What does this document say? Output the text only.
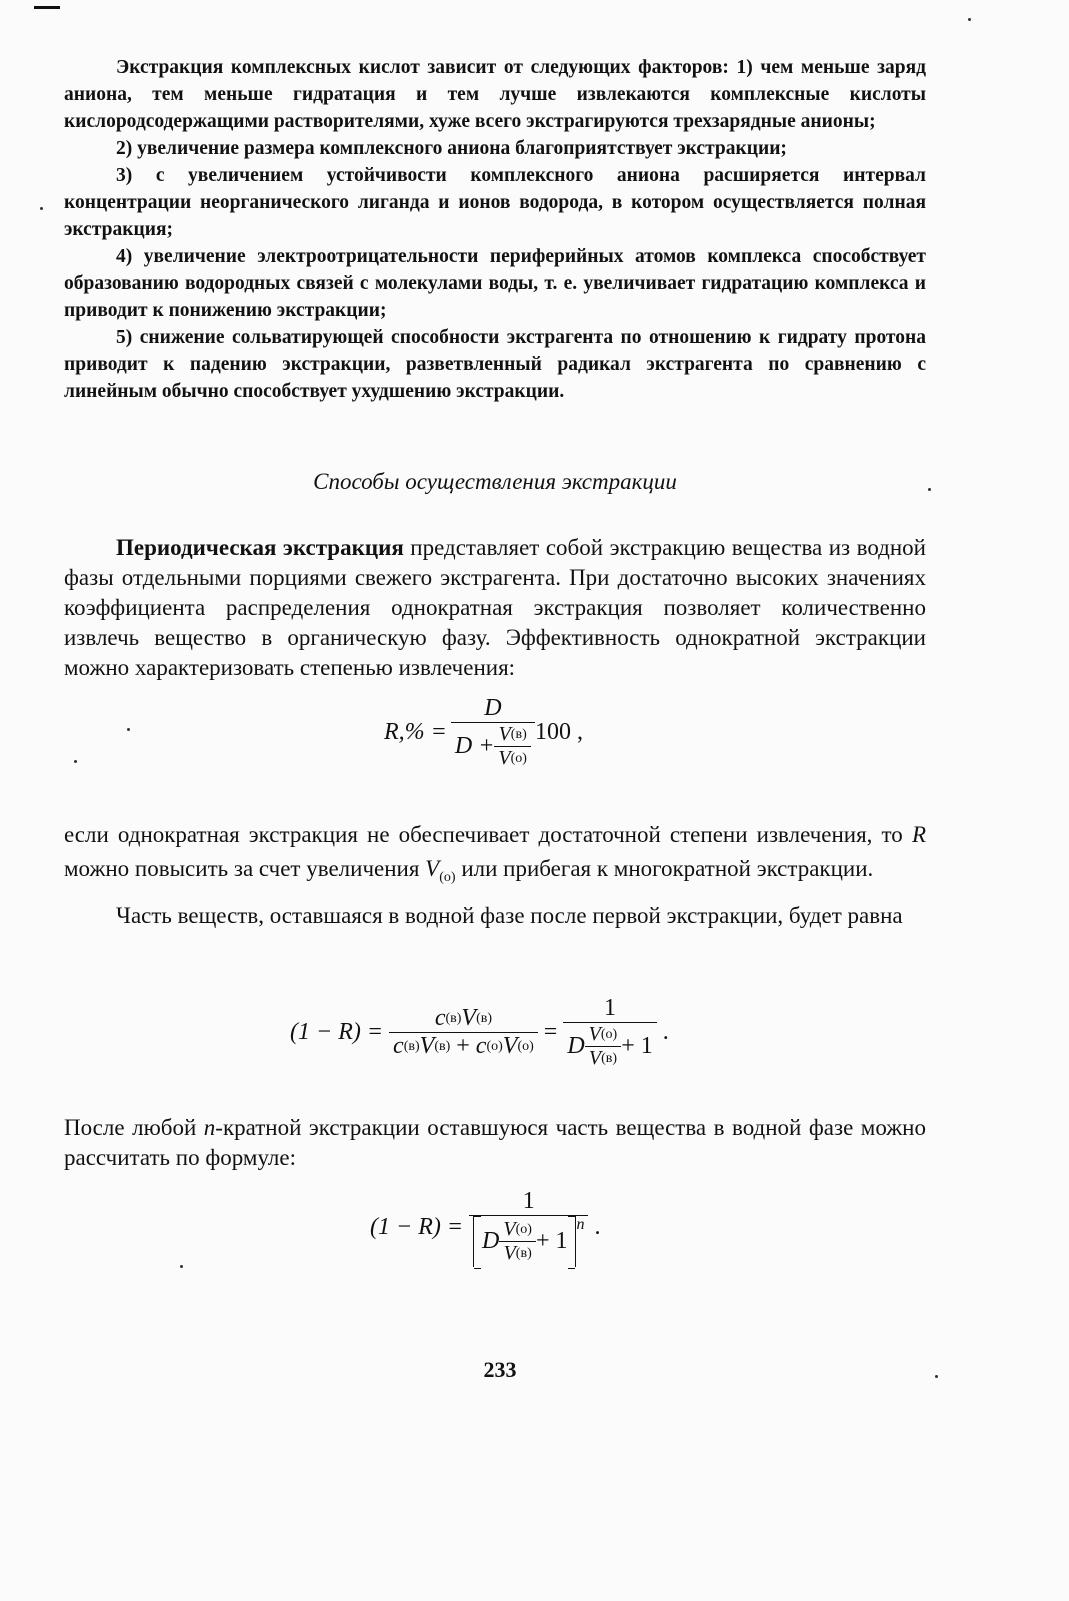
Экстракция комплексных кислот зависит от следующих факторов: 1) чем меньше заряд аниона, тем меньше гидратация и тем лучше извлекаются комплексные кислоты кислородсодержащими растворителями, хуже всего экстрагируются трехзарядные анионы;

2) увеличение размера комплексного аниона благоприятствует экстракции;

3) с увеличением устойчивости комплексного аниона расширяется интервал концентрации неорганического лиганда и ионов водорода, в котором осуществляется полная экстракция;

4) увеличение электроотрицательности периферийных атомов комплекса способствует образованию водородных связей с молекулами воды, т. е. увеличивает гидратацию комплекса и приводит к понижению экстракции;

5) снижение сольватирующей способности экстрагента по отношению к гидрату протона приводит к падению экстракции, разветвленный радикал экстрагента по сравнению с линейным обычно способствует ухудшению экстракции.

Способы осуществления экстракции

Периодическая экстракция представляет собой экстракцию вещества из водной фазы отдельными порциями свежего экстрагента. При достаточно высоких значениях коэффициента распределения однократная экстракция позволяет количественно извлечь вещество в органическую фазу. Эффективность однократной экстракции можно характеризовать степенью извлечения:

$R,\% = \frac{D}{D + \frac{V (в)}{V (о)}} 100$ ,

если однократная экстракция не обеспечивает достаточной степени извлечения, то R можно повысить за счет увеличения $V_{(о)}$ или прибегая к многократной экстракции.

Часть веществ, оставшаяся в водной фазе после первой экстракции, будет равна

(1 − R) = c (в) V (в)
c (в) V (в)
+
c (о) V (о) =
1
D $\frac{V (о)}{V (в)} + 1$
.

После любой n-кратной экстракции оставшуюся часть вещества в водной фазе можно рассчитать по формуле:

(1 − R) =
1
D $\frac{V (о)}{V (в)} + 1$
n .
233
